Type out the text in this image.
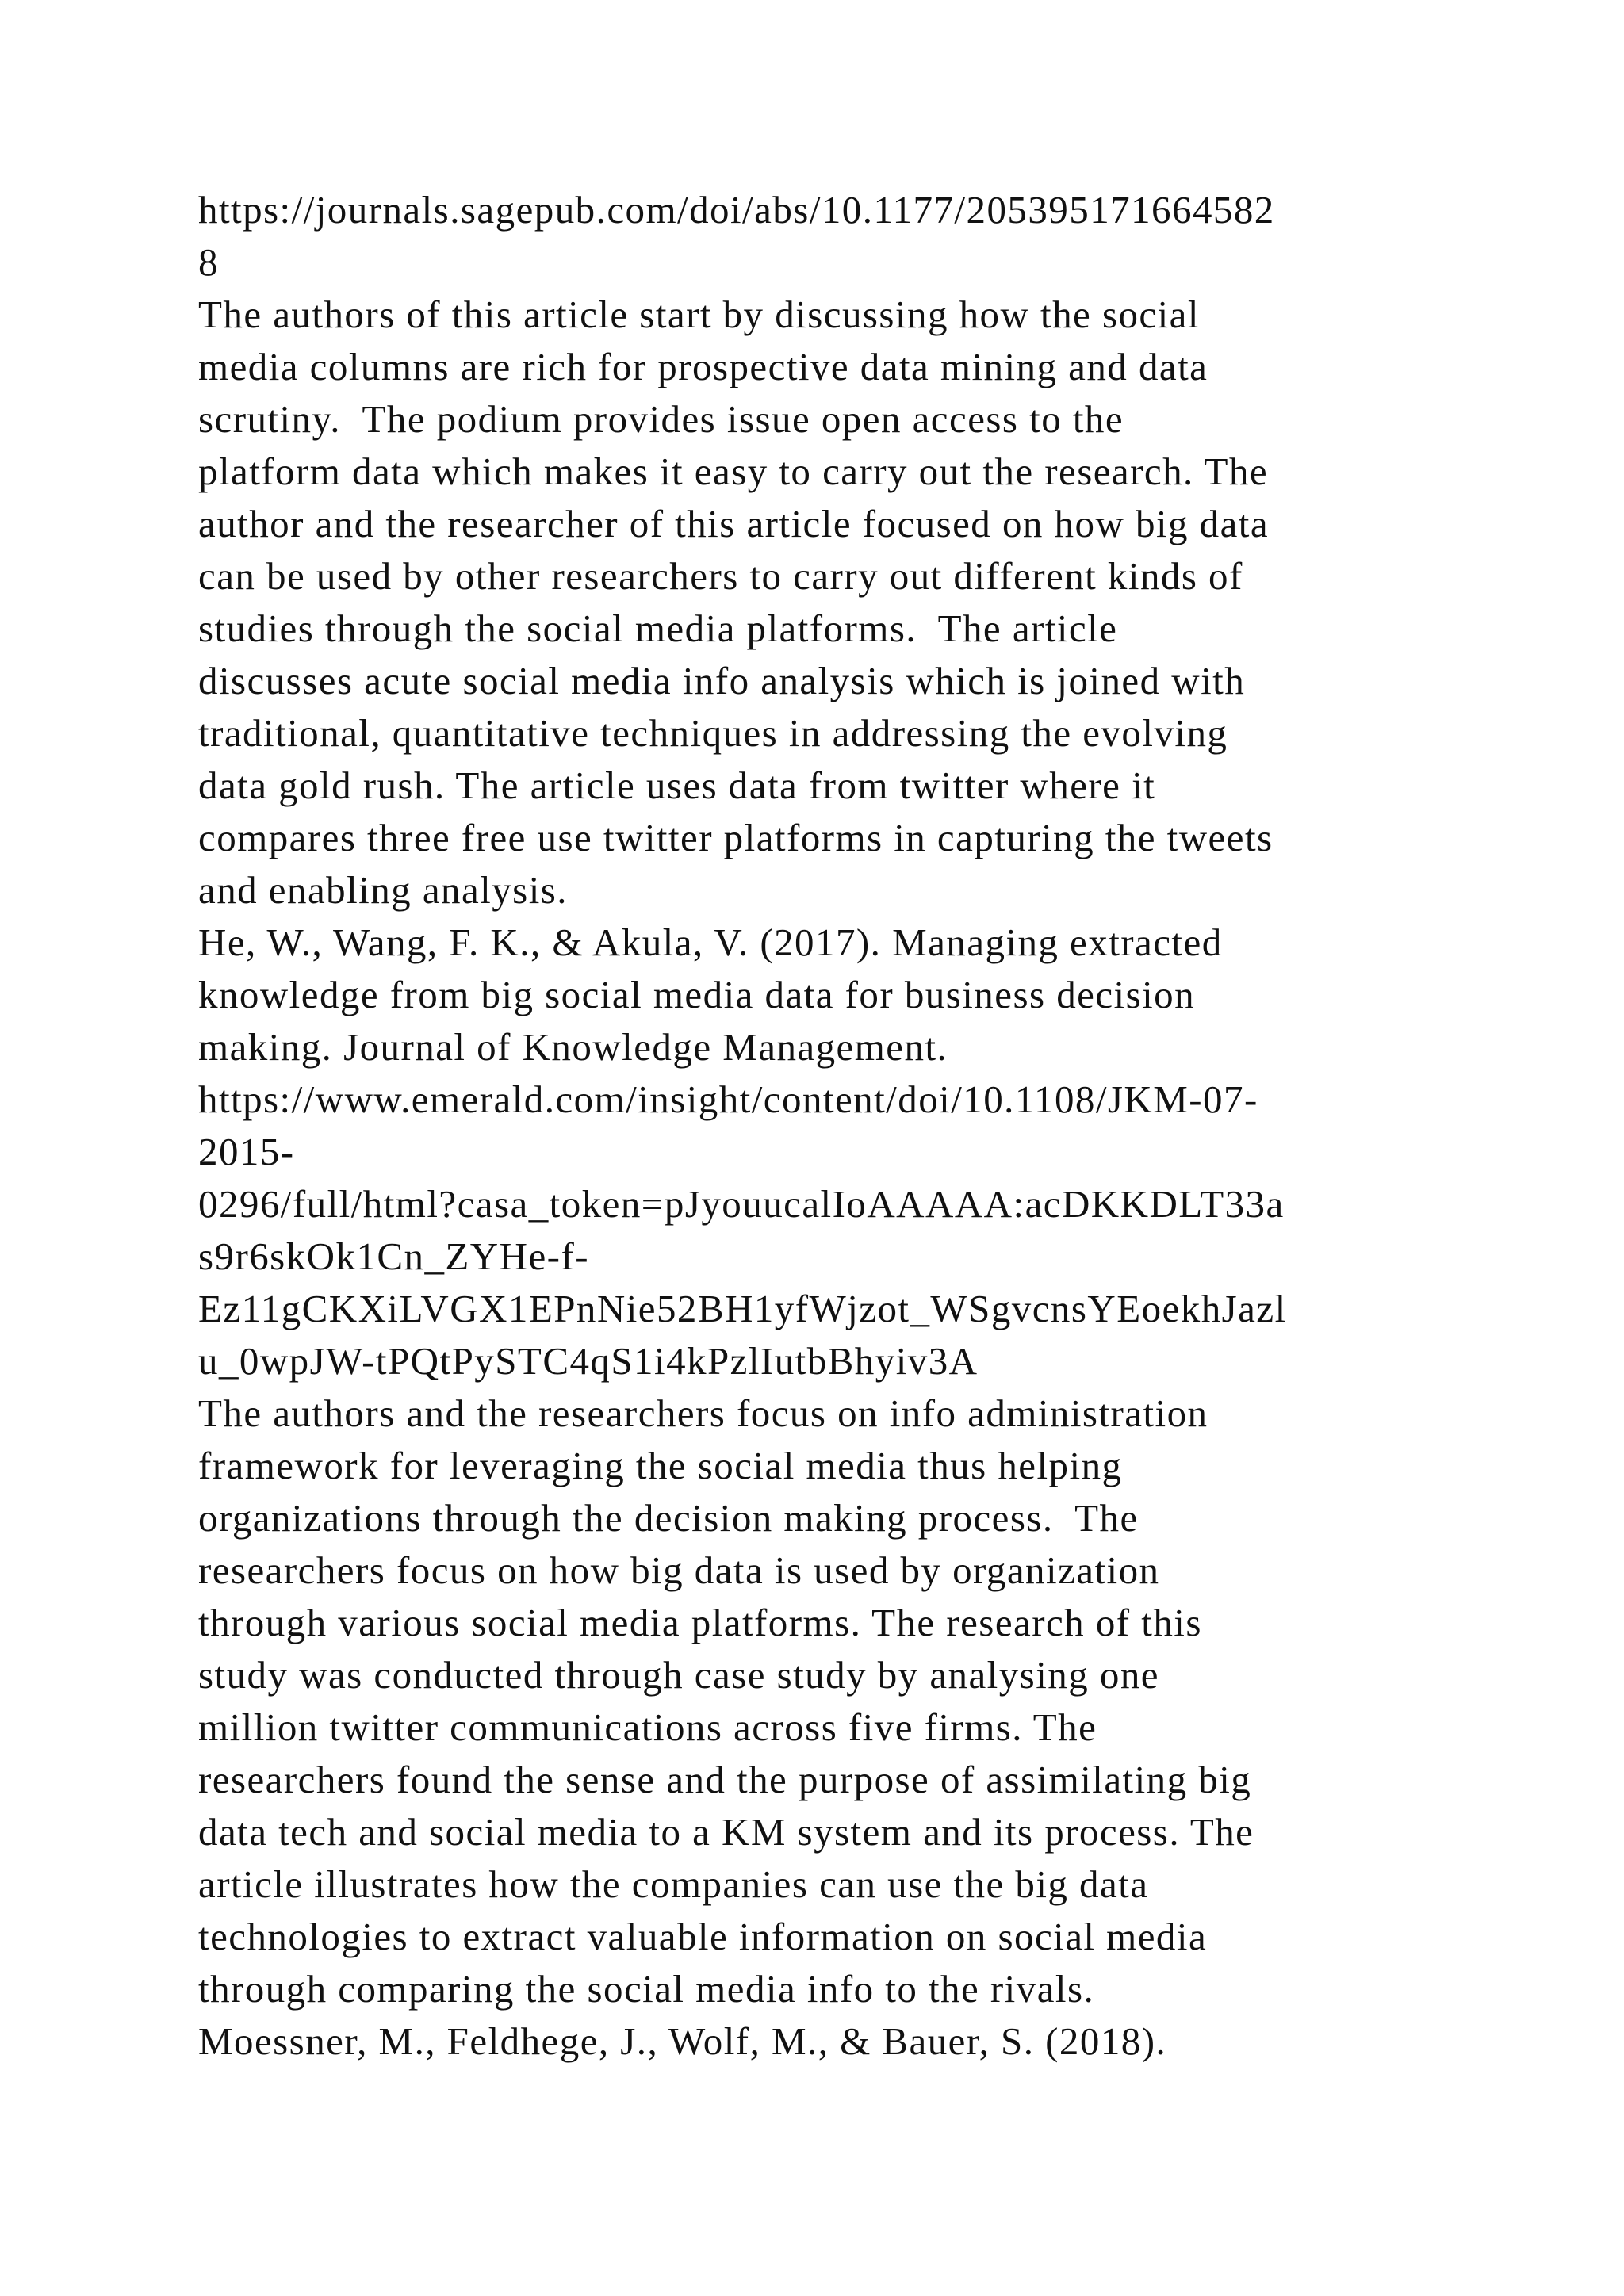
https://journals.sagepub.com/doi/abs/10.1177/205395171664582
8
The authors of this article start by discussing how the social
media columns are rich for prospective data mining and data
scrutiny.  The podium provides issue open access to the
platform data which makes it easy to carry out the research. The
author and the researcher of this article focused on how big data
can be used by other researchers to carry out different kinds of
studies through the social media platforms.  The article
discusses acute social media info analysis which is joined with
traditional, quantitative techniques in addressing the evolving
data gold rush. The article uses data from twitter where it
compares three free use twitter platforms in capturing the tweets
and enabling analysis.
He, W., Wang, F. K., & Akula, V. (2017). Managing extracted
knowledge from big social media data for business decision
making. Journal of Knowledge Management.
https://www.emerald.com/insight/content/doi/10.1108/JKM-07-
2015-
0296/full/html?casa_token=pJyouucalIoAAAAA:acDKKDLT33a
s9r6skOk1Cn_ZYHe-f-
Ez11gCKXiLVGX1EPnNie52BH1yfWjzot_WSgvcnsYEoekhJazl
u_0wpJW-tPQtPySTC4qS1i4kPzlIutbBhyiv3A
The authors and the researchers focus on info administration
framework for leveraging the social media thus helping
organizations through the decision making process.  The
researchers focus on how big data is used by organization
through various social media platforms. The research of this
study was conducted through case study by analysing one
million twitter communications across five firms. The
researchers found the sense and the purpose of assimilating big
data tech and social media to a KM system and its process. The
article illustrates how the companies can use the big data
technologies to extract valuable information on social media
through comparing the social media info to the rivals.
Moessner, M., Feldhege, J., Wolf, M., & Bauer, S. (2018).
